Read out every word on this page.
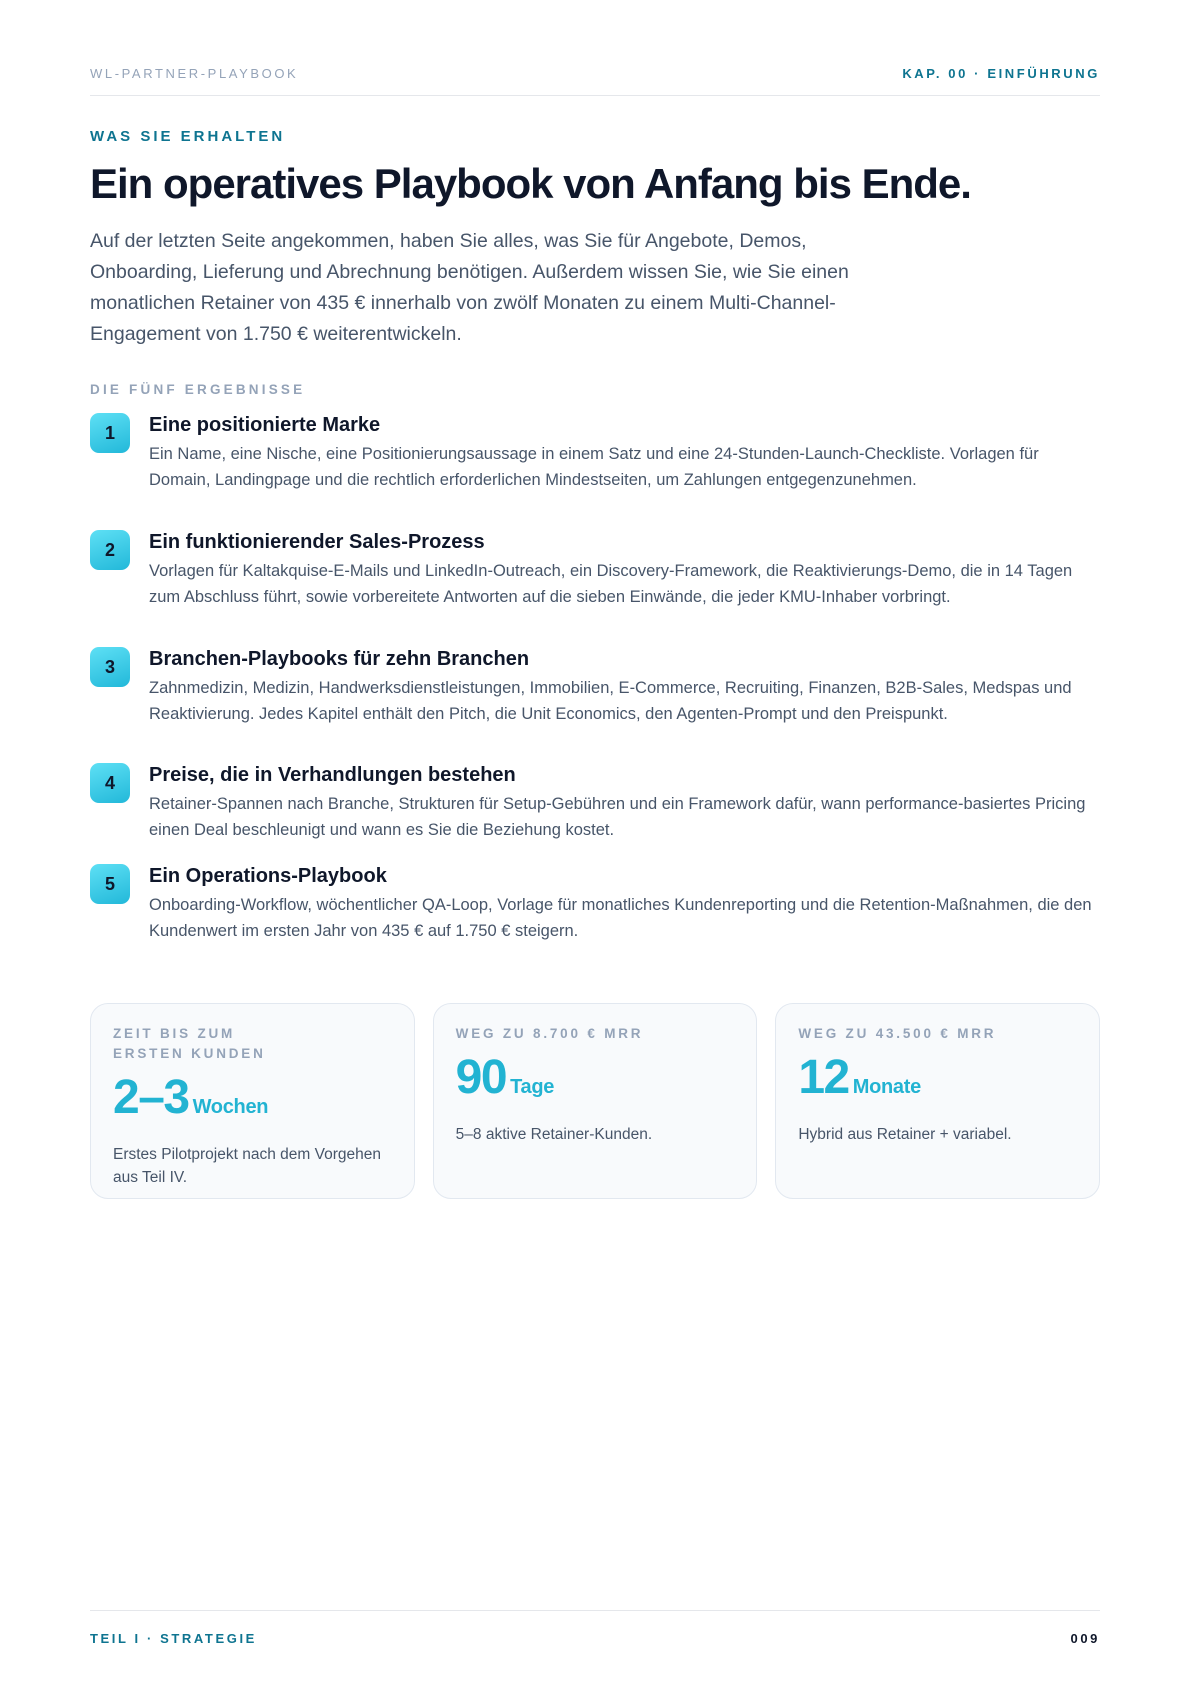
WL-PARTNER-PLAYBOOK	KAP. 00 · EINFÜHRUNG
WAS SIE ERHALTEN
Ein operatives Playbook von Anfang bis Ende.

Auf der letzten Seite angekommen, haben Sie alles, was Sie für Angebote, Demos, Onboarding, Lieferung und Abrechnung benötigen. Außerdem wissen Sie, wie Sie einen monatlichen Retainer von 435 € innerhalb von zwölf Monaten zu einem Multi-Channel-Engagement von 1.750 € weiterentwickeln.

DIE FÜNF ERGEBNISSE
1	Eine positionierte Marke
Ein Name, eine Nische, eine Positionierungsaussage in einem Satz und eine 24-Stunden-Launch-Checkliste. Vorlagen für Domain, Landingpage und die rechtlich erforderlichen Mindestseiten, um Zahlungen entgegenzunehmen.
2	Ein funktionierender Sales-Prozess
Vorlagen für Kaltakquise-E-Mails und LinkedIn-Outreach, ein Discovery-Framework, die Reaktivierungs-Demo, die in 14 Tagen zum Abschluss führt, sowie vorbereitete Antworten auf die sieben Einwände, die jeder KMU-Inhaber vorbringt.
3	Branchen-Playbooks für zehn Branchen
Zahnmedizin, Medizin, Handwerksdienstleistungen, Immobilien, E-Commerce, Recruiting, Finanzen, B2B-Sales, Medspas und Reaktivierung. Jedes Kapitel enthält den Pitch, die Unit Economics, den Agenten-Prompt und den Preispunkt.
4	Preise, die in Verhandlungen bestehen
Retainer-Spannen nach Branche, Strukturen für Setup-Gebühren und ein Framework dafür, wann performance-basiertes Pricing einen Deal beschleunigt und wann es Sie die Beziehung kostet.
5	Ein Operations-Playbook
Onboarding-Workflow, wöchentlicher QA-Loop, Vorlage für monatliches Kundenreporting und die Retention-Maßnahmen, die den Kundenwert im ersten Jahr von 435 € auf 1.750 € steigern.
ZEIT BIS ZUM ERSTEN KUNDEN
2–3 Wochen
Erstes Pilotprojekt nach dem Vorgehen aus Teil IV.
WEG ZU 8.700 € MRR
90 Tage
5–8 aktive Retainer-Kunden.
WEG ZU 43.500 € MRR
12 Monate
Hybrid aus Retainer + variabel.
TEIL I · STRATEGIE	009
